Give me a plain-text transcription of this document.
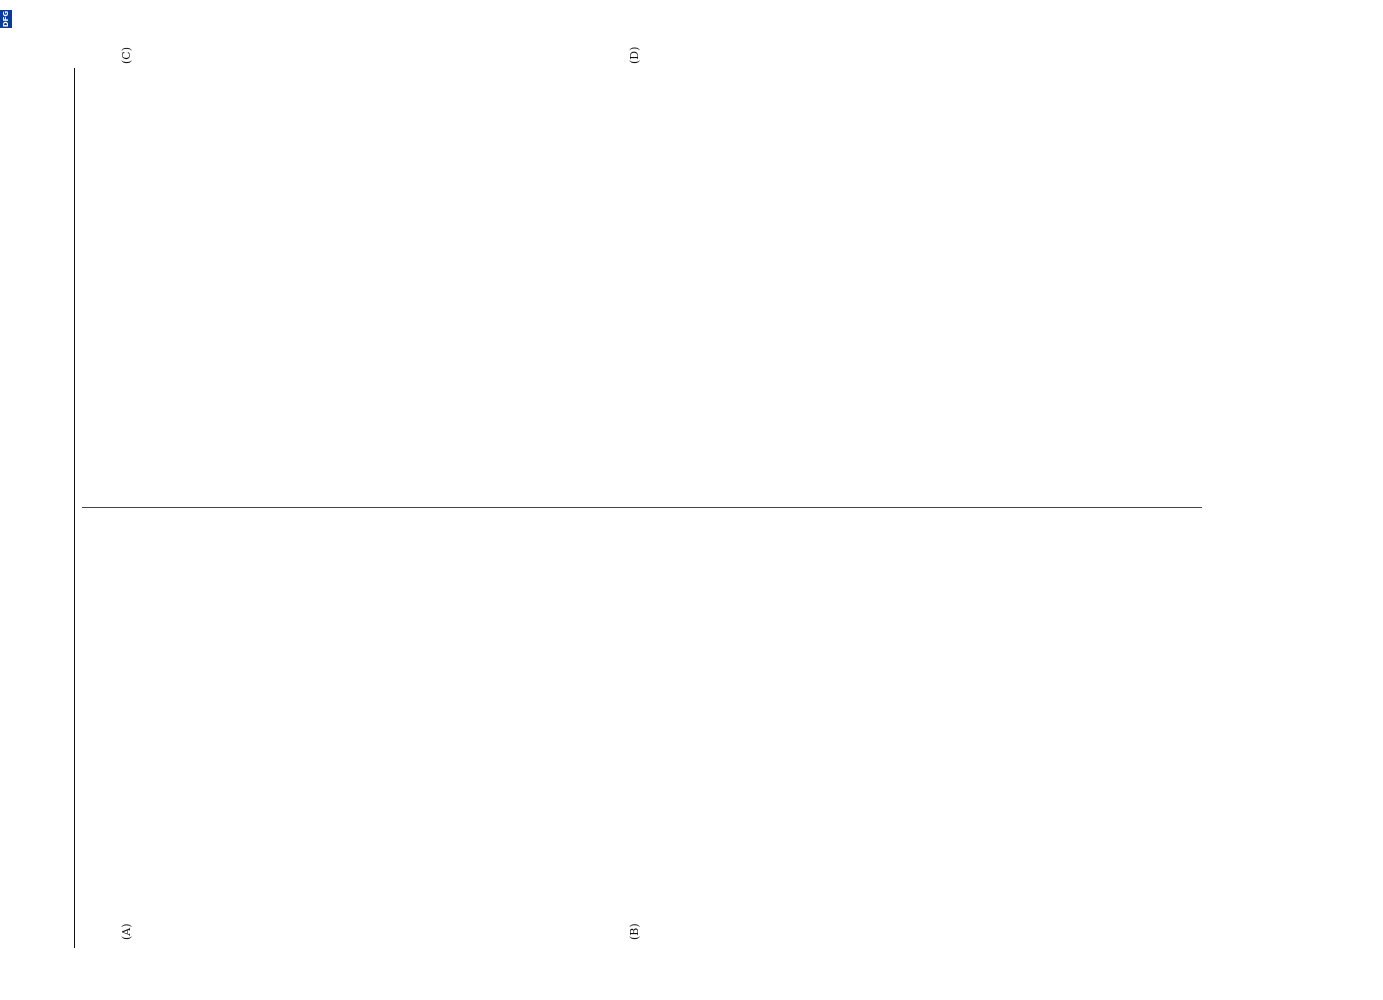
DFG
(A)	(B)
(C)	(D)
